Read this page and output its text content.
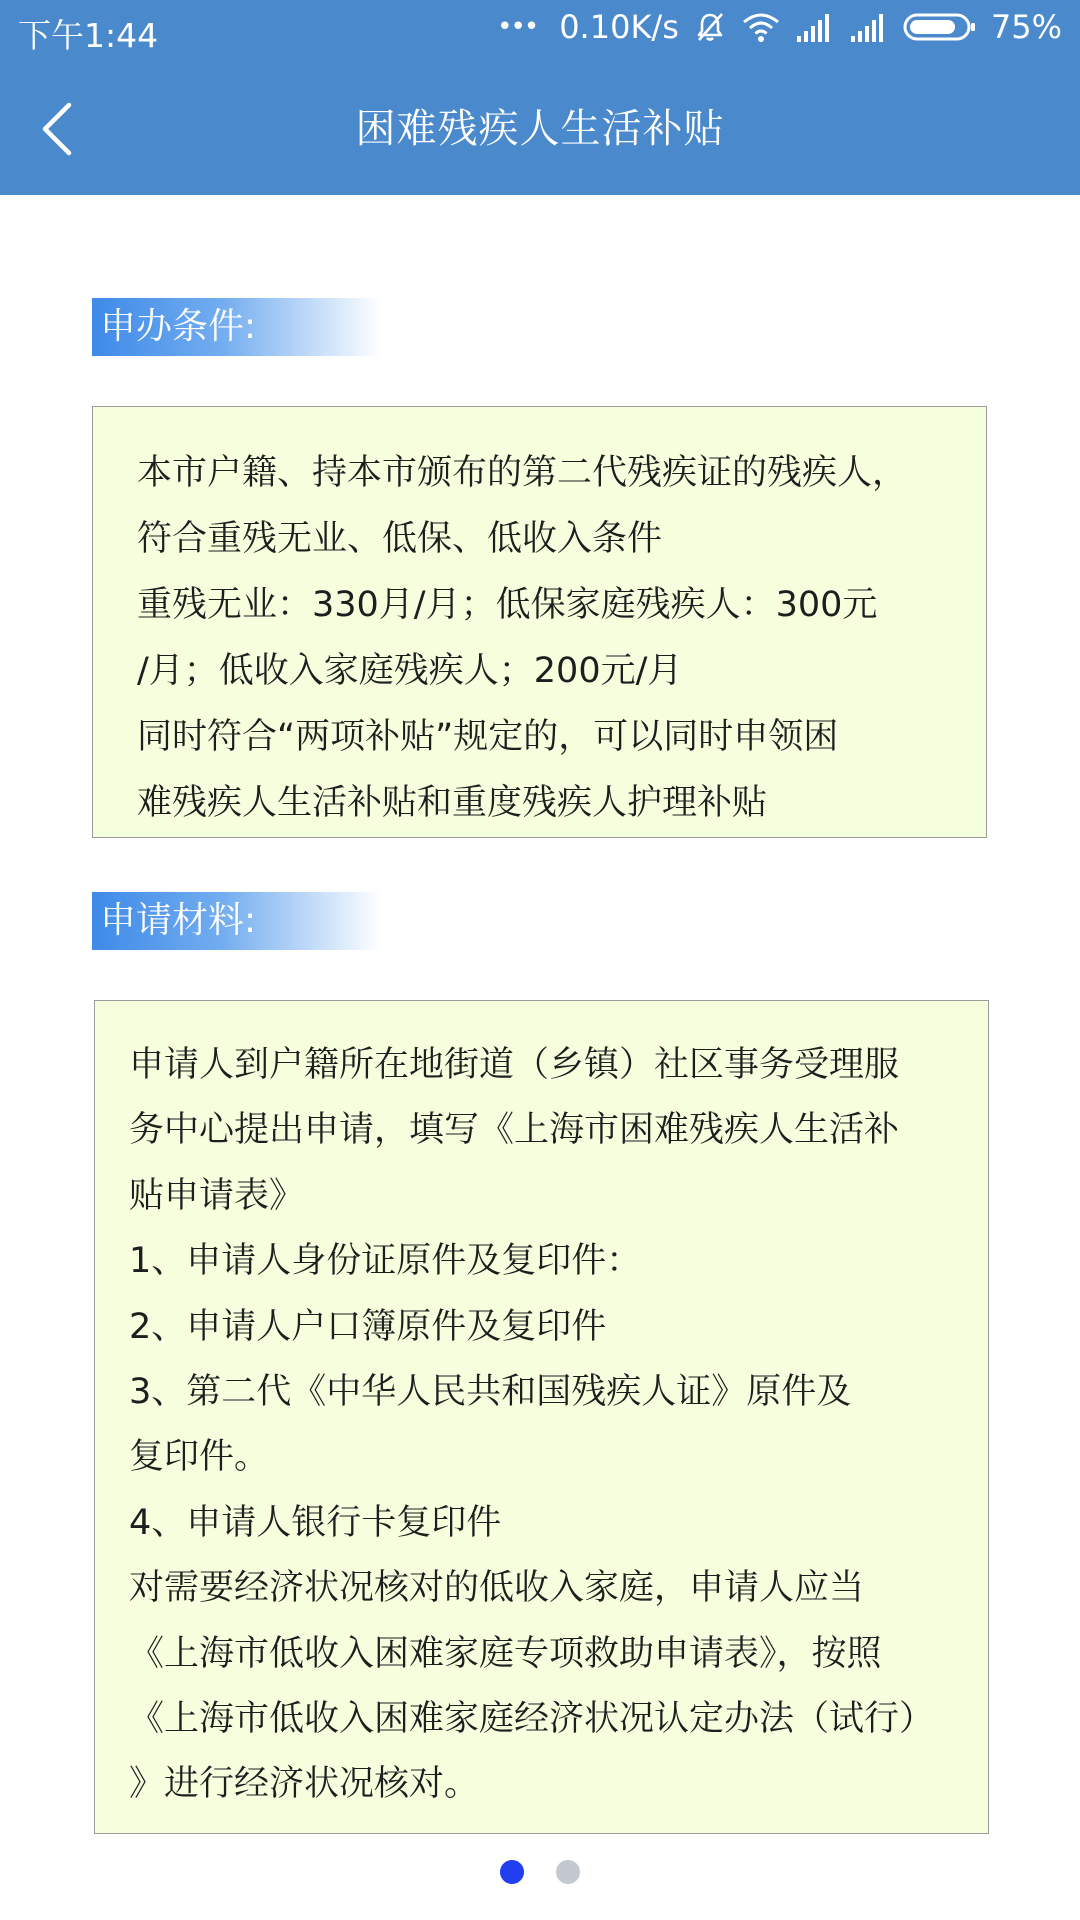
下午1:44	••• 0.10K/s	75%
困难残疾人生活补贴
申办条件:
本市户籍、持本市颁布的第二代残疾证的残疾人，
符合重残无业、低保、低收入条件
重残无业：330月/月；低保家庭残疾人：300元
/月；低收入家庭残疾人；200元/月
同时符合“两项补贴”规定的，可以同时申领困
难残疾人生活补贴和重度残疾人护理补贴
申请材料:
申请人到户籍所在地街道（乡镇）社区事务受理服
务中心提出申请，填写《上海市困难残疾人生活补
贴申请表》
1、申请人身份证原件及复印件：
2、申请人户口簿原件及复印件
3、第二代《中华人民共和国残疾人证》原件及
复印件。
4、申请人银行卡复印件
对需要经济状况核对的低收入家庭，申请人应当
《上海市低收入困难家庭专项救助申请表》，按照
《上海市低收入困难家庭经济状况认定办法（试行）
》进行经济状况核对。
